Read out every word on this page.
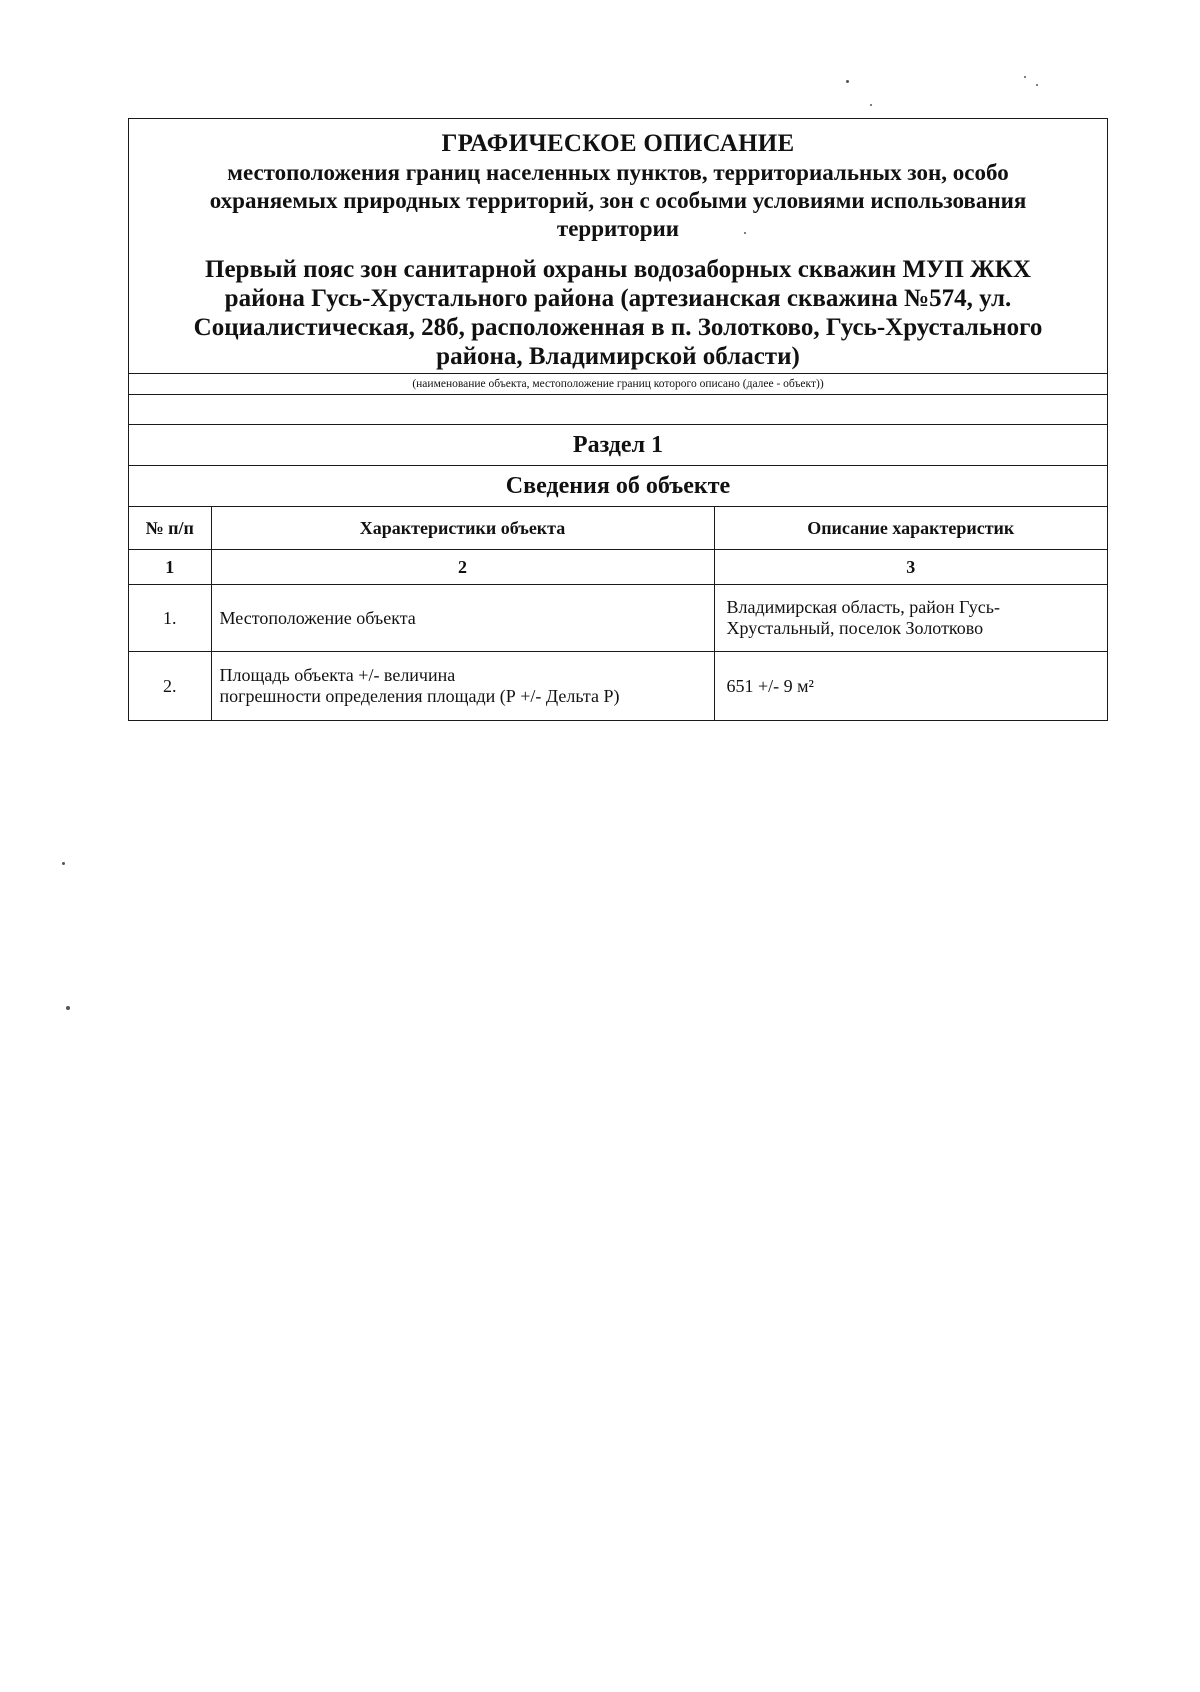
ГРАФИЧЕСКОЕ ОПИСАНИЕ
местоположения границ населенных пунктов, территориальных зон, особо
охраняемых природных территорий, зон с особыми условиями использования
территории
Первый пояс зон санитарной охраны водозаборных скважин МУП ЖКХ
района Гусь-Хрустального района (артезианская скважина №574, ул.
Социалистическая, 28б, расположенная в п. Золотково, Гусь-Хрустального
района, Владимирской области)
(наименование объекта, местоположение границ которого описано (далее - объект))
Раздел 1
Сведения об объекте
№ п/п	Характеристики объекта	Описание характеристик
1	2	3
1.	Местоположение объекта	Владимирская область, район Гусь-
Хрустальный, поселок Золотково

2.	Площадь объекта +/- величина
погрешности определения площади (Р +/- Дельта Р)	651 +/- 9 м²
